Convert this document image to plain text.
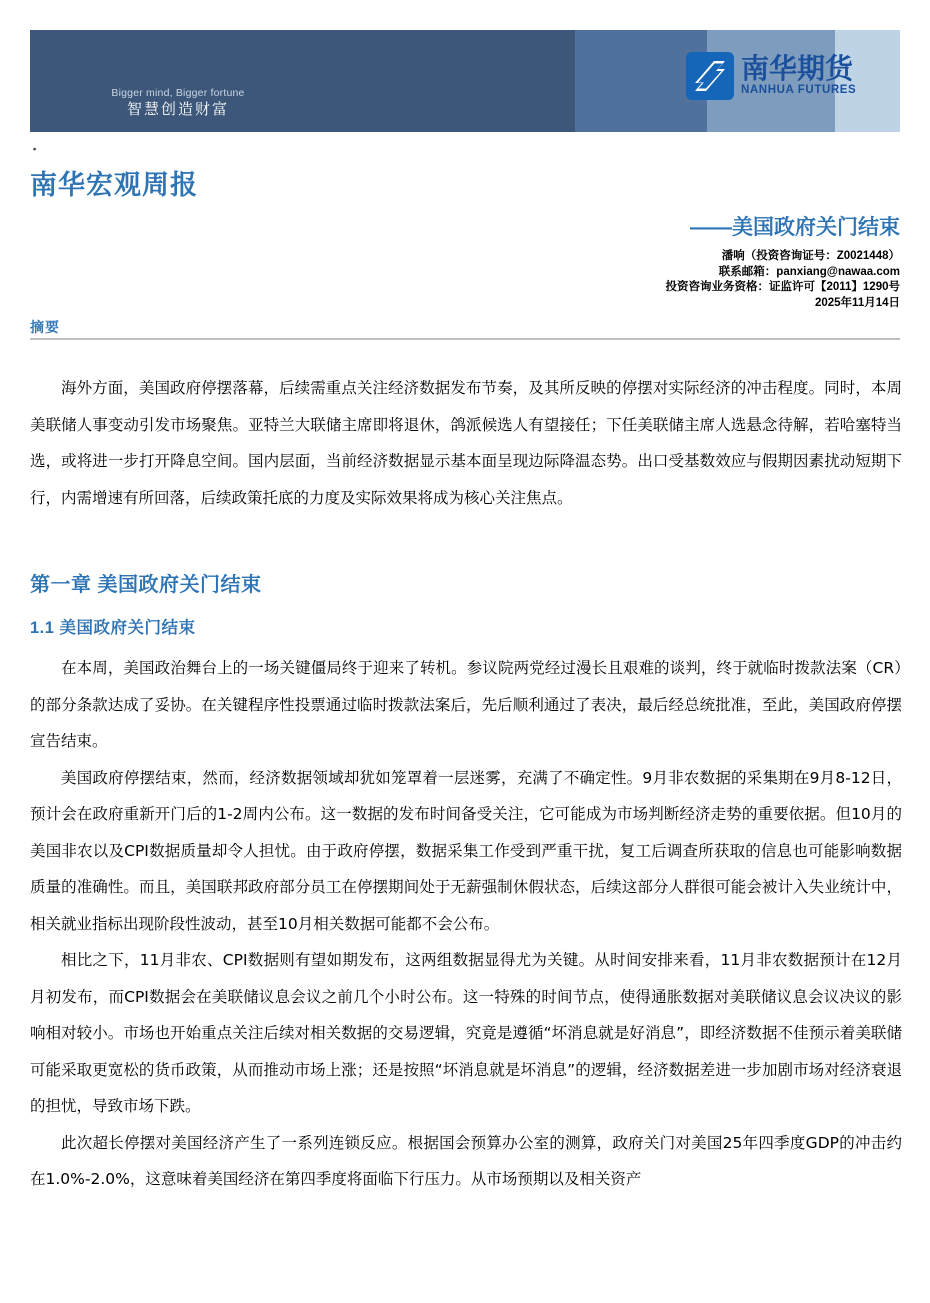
Bigger mind, Bigger fortune
智慧创造财富
南华期货
NANHUA FUTURES
▪
南华宏观周报
——美国政府关门结束
潘响（投资咨询证号：Z0021448）
联系邮箱：panxiang@nawaa.com
投资咨询业务资格：证监许可【2011】1290号
2025年11月14日
摘要

海外方面，美国政府停摆落幕，后续需重点关注经济数据发布节奏，及其所反映的停摆对实际经济的冲击程度。同时，本周美联储人事变动引发市场聚焦。亚特兰大联储主席即将退休，鸽派候选人有望接任；下任美联储主席人选悬念待解，若哈塞特当选，或将进一步打开降息空间。国内层面，当前经济数据显示基本面呈现边际降温态势。出口受基数效应与假期因素扰动短期下行，内需增速有所回落，后续政策托底的力度及实际效果将成为核心关注焦点。

第一章 美国政府关门结束
1.1 美国政府关门结束

在本周，美国政治舞台上的一场关键僵局终于迎来了转机。参议院两党经过漫长且艰难的谈判，终于就临时拨款法案（CR）的部分条款达成了妥协。在关键程序性投票通过临时拨款法案后，先后顺利通过了表决，最后经总统批准，至此，美国政府停摆宣告结束。

美国政府停摆结束，然而，经济数据领域却犹如笼罩着一层迷雾，充满了不确定性。9月非农数据的采集期在9月8-12日，预计会在政府重新开门后的1-2周内公布。这一数据的发布时间备受关注，它可能成为市场判断经济走势的重要依据。但10月的美国非农以及CPI数据质量却令人担忧。由于政府停摆，数据采集工作受到严重干扰，复工后调查所获取的信息也可能影响数据质量的准确性。而且，美国联邦政府部分员工在停摆期间处于无薪强制休假状态，后续这部分人群很可能会被计入失业统计中，相关就业指标出现阶段性波动，甚至10月相关数据可能都不会公布。

相比之下，11月非农、CPI数据则有望如期发布，这两组数据显得尤为关键。从时间安排来看，11月非农数据预计在12月月初发布，而CPI数据会在美联储议息会议之前几个小时公布。这一特殊的时间节点，使得通胀数据对美联储议息会议决议的影响相对较小。市场也开始重点关注后续对相关数据的交易逻辑，究竟是遵循“坏消息就是好消息”，即经济数据不佳预示着美联储可能采取更宽松的货币政策，从而推动市场上涨；还是按照“坏消息就是坏消息”的逻辑，经济数据差进一步加剧市场对经济衰退的担忧，导致市场下跌。

此次超长停摆对美国经济产生了一系列连锁反应。根据国会预算办公室的测算，政府关门对美国25年四季度GDP的冲击约在1.0%-2.0%，这意味着美国经济在第四季度将面临下行压力。从市场预期以及相关资产
